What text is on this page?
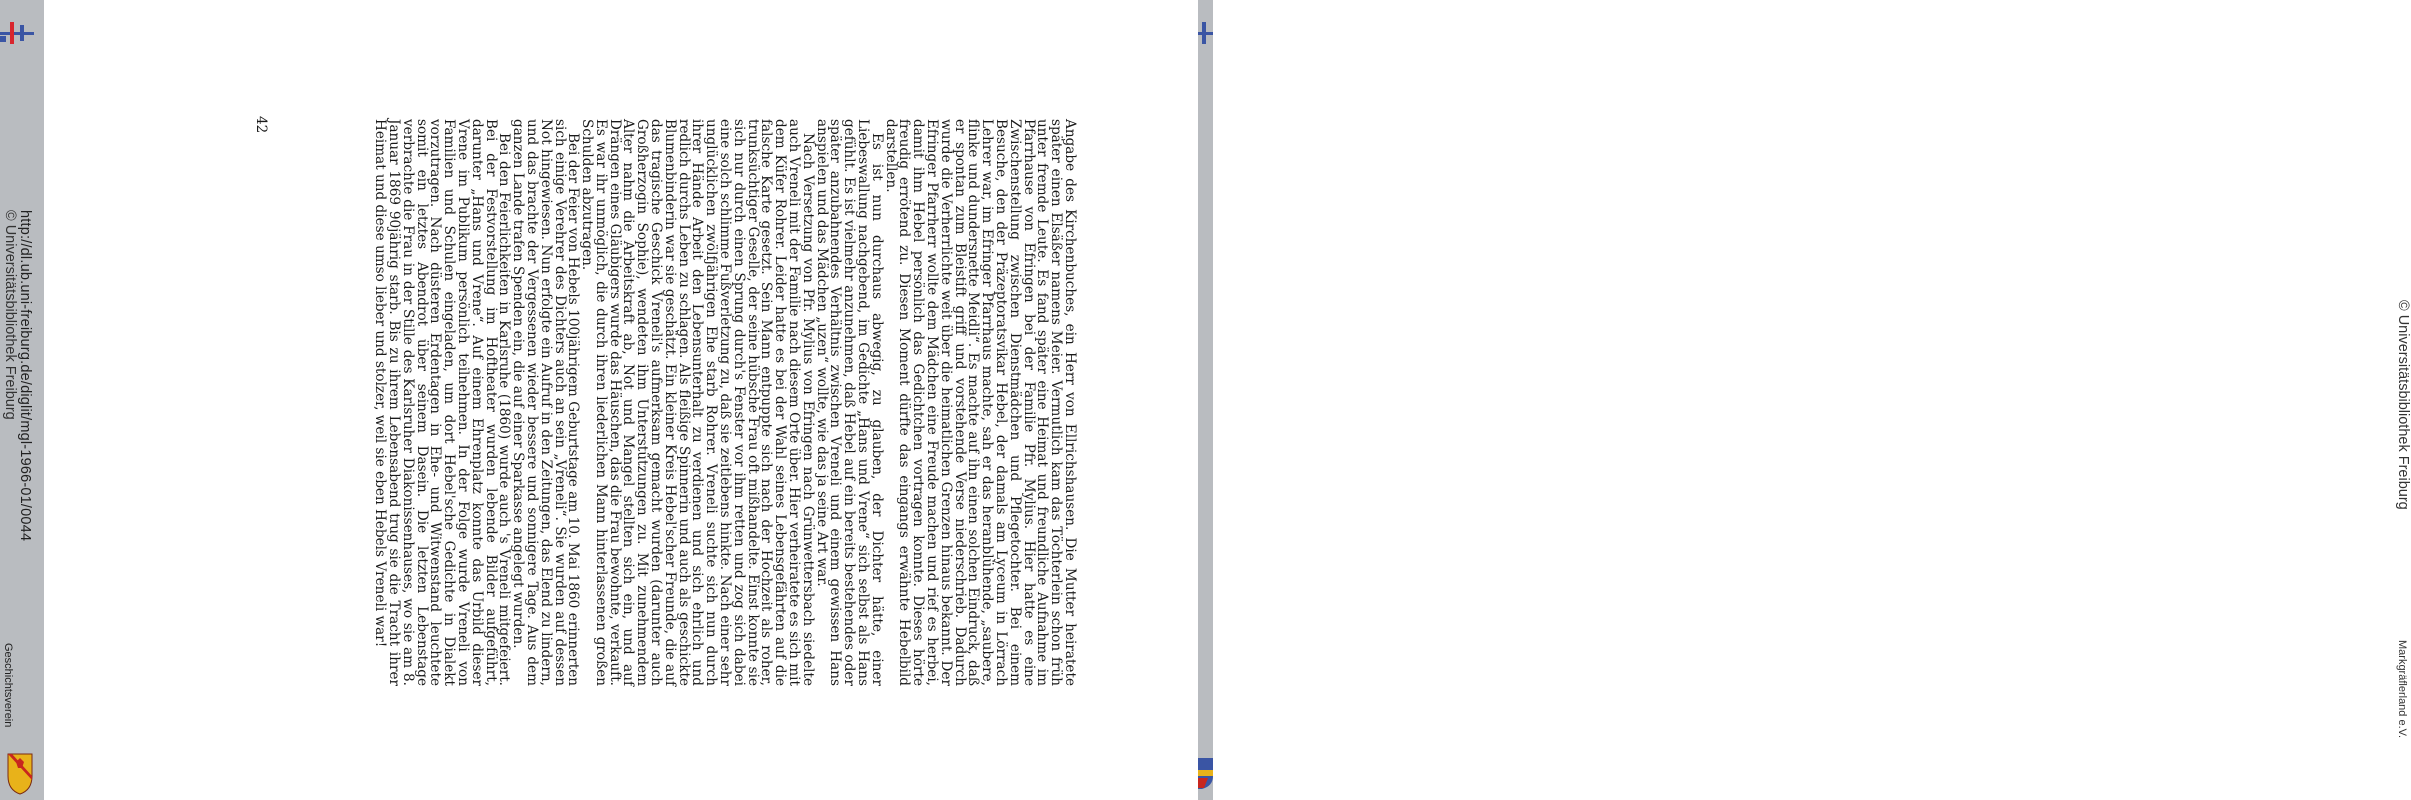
http://dl.ub.uni-freiburg.de/diglit/mgl-1966-01/0044
© Universitätsbibliothek Freiburg
Geschichtsverein
© Universitätsbibliothek Freiburg
Markgräflerland e.V.
42	Angabe des Kirchenbuches, ein Herr von Ellrichshausen. Die Mutter heiratete später einen Elsäßer namens Meier. Vermutlich kam das Töchterlein schon früh unter fremde Leute. Es fand später eine Heimat und freundliche Aufnahme im Pfarrhause von Efringen bei der Familie Pfr. Mylius. Hier hatte es eine Zwischenstellung zwischen Dienstmädchen und Pflegetochter. Bei einem Besuche, den der Präzeptoratsvikar Hebel, der damals am Lyceum in Lörrach Lehrer war, im Efringer Pfarrhaus machte, sah er das heranblühende, „saubere, flinke und dundersnette Meidli“. Es machte auf ihn einen solchen Eindruck, daß er spontan zum Bleistift griff und vorstehende Verse niederschrieb. Dadurch wurde die Verherrlichte weit über die heimatlichen Grenzen hinaus bekannt. Der Efringer Pfarrherr wollte dem Mädchen eine Freude machen und rief es herbei, damit ihm Hebel persönlich das Gedichtchen vortragen konnte. Dieses hörte freudig errötend zu. Diesen Moment dürfte das eingangs erwähnte Hebelbild darstellen.

Es ist nun durchaus abwegig, zu glauben, der Dichter hätte, einer Liebeswallung nachgebend, im Gedichte „Hans und Vrene“ sich selbst als Hans gefühlt. Es ist vielmehr anzunehmen, daß Hebel auf ein bereits bestehendes oder später anzubahnendes Verhältnis zwischen Vreneli und einem gewissen Hans anspielen und das Mädchen „uzen“ wollte, wie das ja seine Art war.

Nach Versetzung von Pfr. Mylius von Efringen nach Grünwettersbach siedelte auch Vreneli mit der Familie nach diesem Orte über. Hier verheiratete es sich mit dem Küfer Rohrer. Leider hatte es bei der Wahl seines Lebensgefährten auf die falsche Karte gesetzt. Sein Mann entpuppte sich nach der Hochzeit als roher, trunksüchtiger Geselle, der seine hübsche Frau oft mißhandelte. Einst konnte sie sich nur durch einen Sprung durch's Fenster vor ihm retten und zog sich dabei eine solch schlimme Fußverletzung zu, daß sie zeitlebens hinkte. Nach einer sehr unglücklichen zwölfjährigen Ehe starb Rohrer. Vreneli suchte sich nun durch ihrer Hände Arbeit den Lebensunterhalt zu verdienen und sich ehrlich und redlich durchs Leben zu schlagen. Als fleißige Spinnerin und auch als geschickte Blumenbinderin war sie geschätzt. Ein kleiner Kreis Hebel'scher Freunde, die auf das tragische Geschick Vreneli's aufmerksam gemacht wurden (darunter auch Großherzogin Sophie), wendeten ihm Unterstützungen zu. Mit zunehmendem Alter nahm die Arbeitskraft ab, Not und Mangel stellten sich ein, und auf Drängen eines Gläubigers wurde das Häuschen, das die Frau bewohnte, verkauft. Es war ihr unmöglich, die durch ihren liederlichen Mann hinterlassenen großen Schulden abzutragen.

Bei der Feier von Hebels 100jährigem Geburtstage am 10. Mai 1860 erinnerten sich einige Verehrer des Dichters auch an sein „Vreneli“. Sie wurden auf dessen Not hingewiesen. Nun erfolgte ein Aufruf in den Zeitungen, das Elend zu lindern, und das brachte der Vergessenen wieder bessere und sonnigere Tage. Aus dem ganzen Lande trafen Spenden ein, die auf einer Sparkasse angelegt wurden.

Bei den Feierlichkeiten in Karlsruhe (1860) wurde auch 's Vreneli mitgefeiert. Bei der Festvorstellung im Hoftheater wurden lebende Bilder aufgeführt, darunter „Hans und Vrene“. Auf einem Ehrenplatz konnte das Urbild dieser Vrene im Publikum persönlich teilnehmen. In der Folge wurde Vreneli von Familien und Schulen eingeladen, um dort Hebel'sche Gedichte in Dialekt vorzutragen. Nach düsteren Erdentagen in Ehe- und Witwenstand leuchtete somit ein letztes Abendrot über seinem Dasein. Die letzten Lebenstage verbrachte die Frau in der Stille des Karlsruher Diakonissenhauses, wo sie am 8. Januar 1869 90jährig starb. Bis zu ihrem Lebensabend trug sie die Tracht ihrer Heimat und diese umso lieber und stolzer, weil sie eben Hebels Vreneli war!
